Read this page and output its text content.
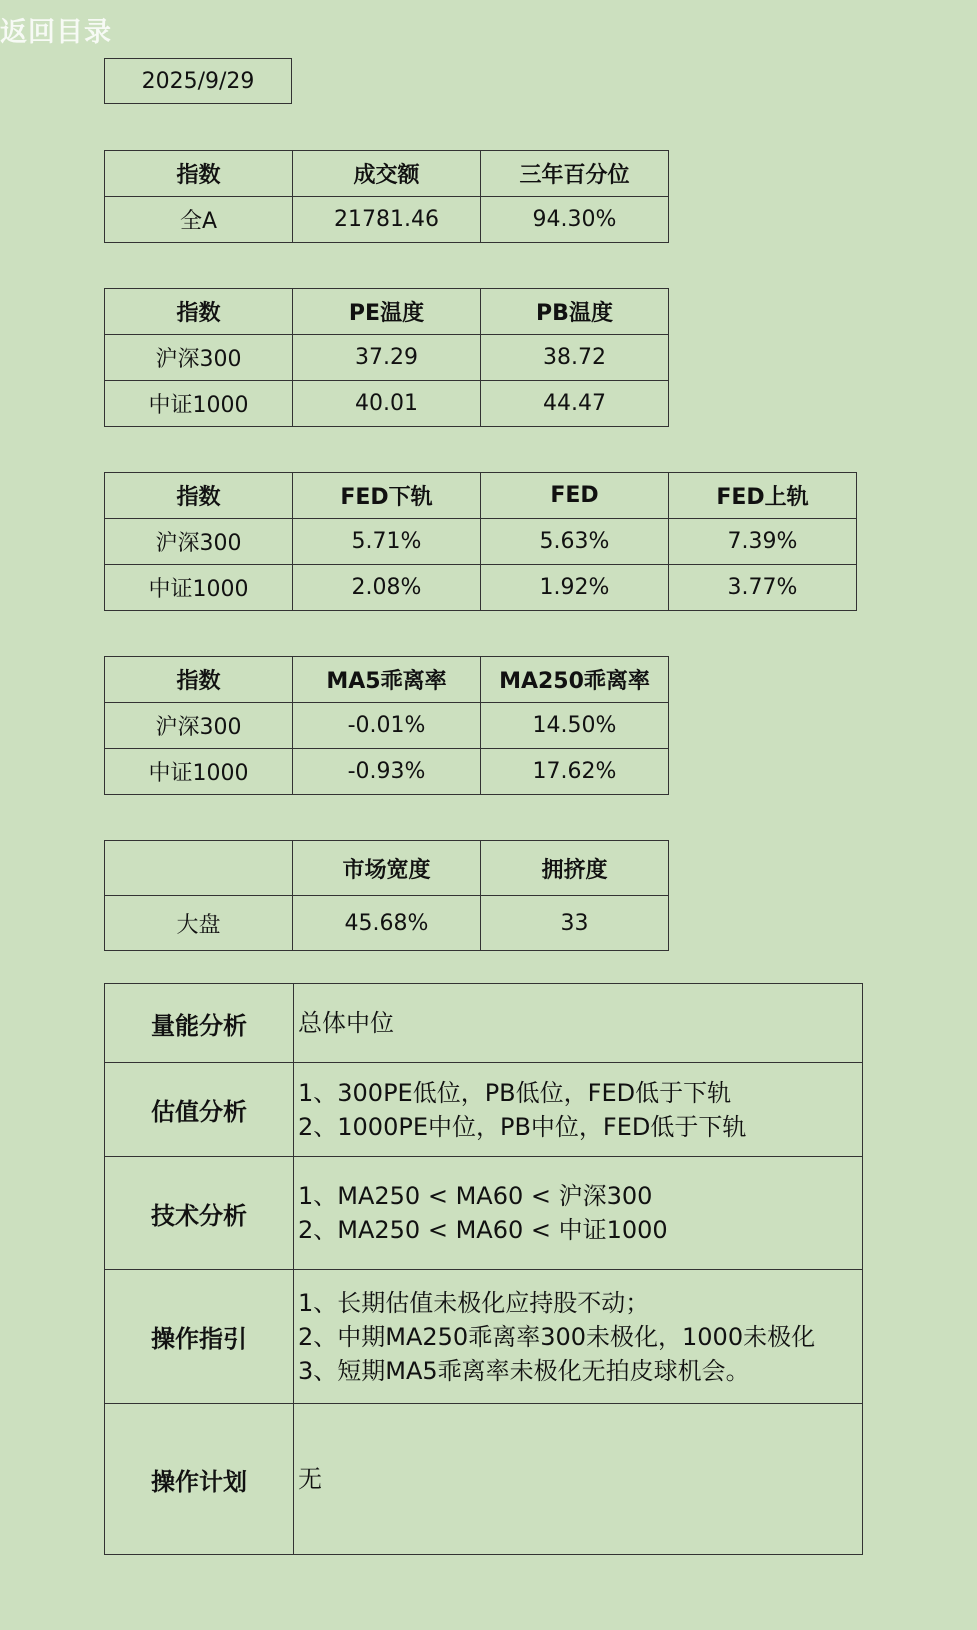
返回目录
2025/9/29
指数	成交额	三年百分位
全A	21781.46	94.30%
指数	PE温度	PB温度
沪深300	37.29	38.72
中证1000	40.01	44.47
指数	FED下轨	FED	FED上轨
沪深300	5.71%	5.63%	7.39%
中证1000	2.08%	1.92%	3.77%
指数	MA5乖离率	MA250乖离率
沪深300	-0.01%	14.50%
中证1000	-0.93%	17.62%
	市场宽度	拥挤度
大盘	45.68%	33
量能分析	总体中位

估值分析	1、300PE低位，PB低位，FED低于下轨
2、1000PE中位，PB中位，FED低于下轨

技术分析	1、MA250 < MA60 < 沪深300
2、MA250 < MA60 < 中证1000

操作指引	1、长期估值未极化应持股不动；
2、中期MA250乖离率300未极化，1000未极化
3、短期MA5乖离率未极化无拍皮球机会。

操作计划	无
